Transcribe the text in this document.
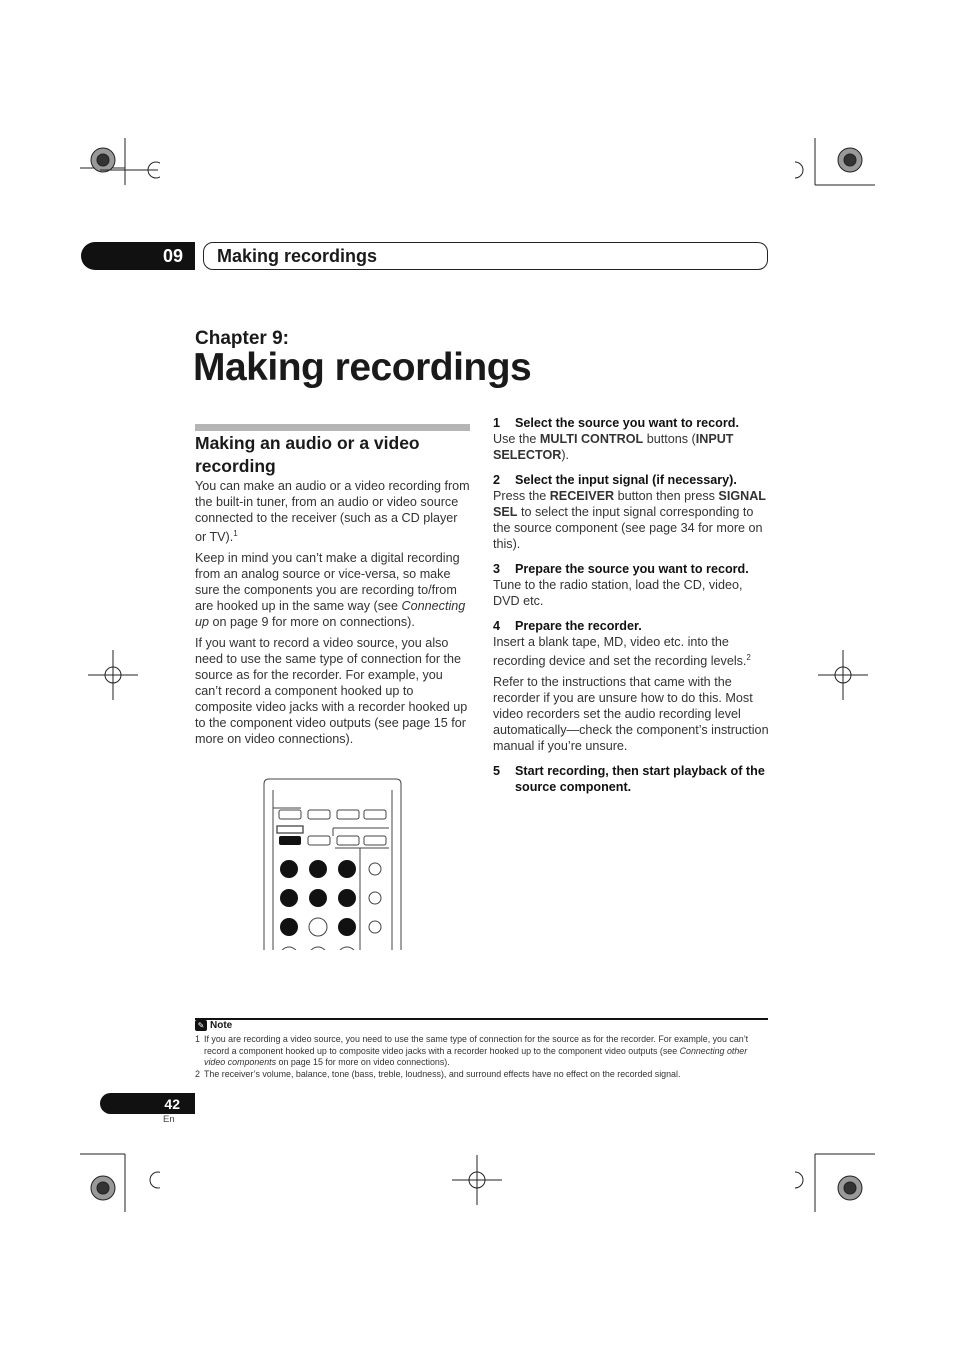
09	Making recordings
Chapter 9:
Making recordings
Making an audio or a video recording

You can make an audio or a video recording from the built-in tuner, from an audio or video source connected to the receiver (such as a CD player or TV).$^1$

Keep in mind you can’t make a digital recording from an analog source or vice-versa, so make sure the components you are recording to/from are hooked up in the same way (see Connecting up on page 9 for more on connections).

If you want to record a video source, you also need to use the same type of connection for the source as for the recorder. For example, you can’t record a component hooked up to composite video jacks with a recorder hooked up to the component video outputs (see page 15 for more on video connections).

1 Select the source you want to record.
Use the MULTI CONTROL buttons (INPUT SELECTOR).
2 Select the input signal (if necessary).
Press the RECEIVER button then press SIGNAL SEL to select the input signal corresponding to the source component (see page 34 for more on this).
3 Prepare the source you want to record.
Tune to the radio station, load the CD, video, DVD etc.
4 Prepare the recorder.

Insert a blank tape, MD, video etc. into the recording device and set the recording levels.$^2$

Refer to the instructions that came with the recorder if you are unsure how to do this. Most video recorders set the audio recording level automatically—check the component’s instruction manual if you’re unsure.

5	Start recording, then start playback of the source component.
✎ Note
1 If you are recording a video source, you need to use the same type of connection for the source as for the recorder. For example, you can’t record a component hooked up to composite video jacks with a recorder hooked up to the component video outputs (see Connecting other video components on page 15 for more on video connections).
2 The receiver’s volume, balance, tone (bass, treble, loudness), and surround effects have no effect on the recorded signal.
42
En
